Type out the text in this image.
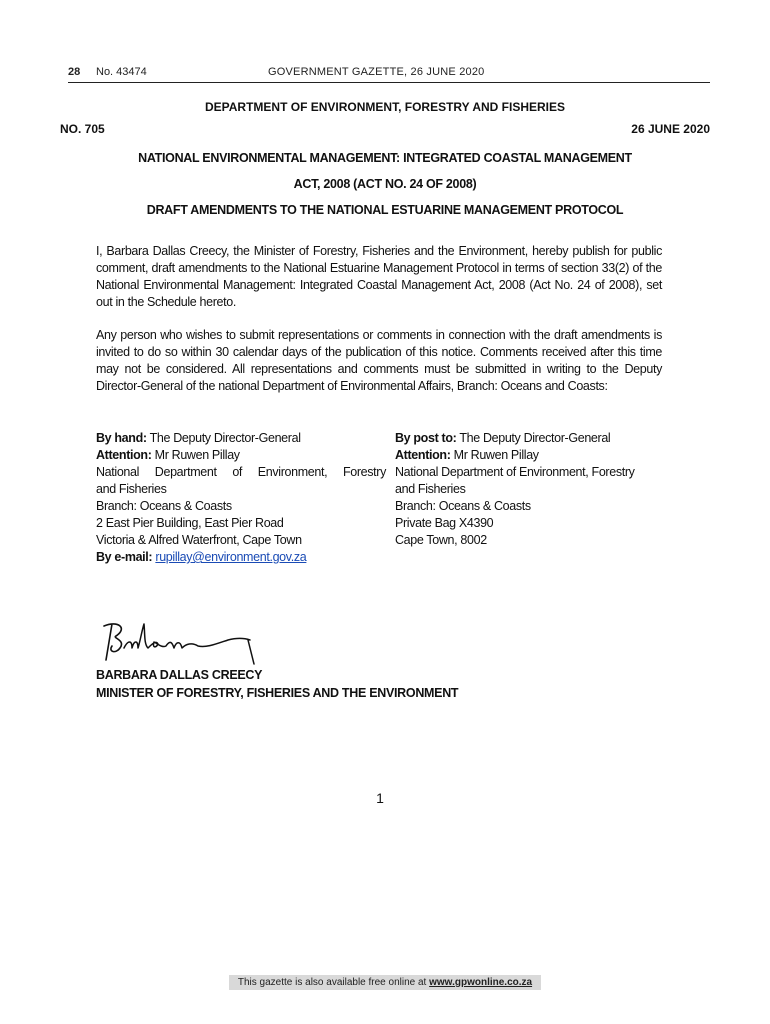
28 No. 43474	GOVERNMENT GAZETTE, 26 JUNE 2020
DEPARTMENT OF ENVIRONMENT, FORESTRY AND FISHERIES
NO. 705	26 JUNE 2020
NATIONAL ENVIRONMENTAL MANAGEMENT: INTEGRATED COASTAL MANAGEMENT
ACT, 2008 (ACT NO. 24 OF 2008)
DRAFT AMENDMENTS TO THE NATIONAL ESTUARINE MANAGEMENT PROTOCOL
I, Barbara Dallas Creecy, the Minister of Forestry, Fisheries and the Environment, hereby publish for public comment, draft amendments to the National Estuarine Management Protocol in terms of section 33(2) of the National Environmental Management: Integrated Coastal Management Act, 2008 (Act No. 24 of 2008), set out in the Schedule hereto.
Any person who wishes to submit representations or comments in connection with the draft amendments is invited to do so within 30 calendar days of the publication of this notice. Comments received after this time may not be considered. All representations and comments must be submitted in writing to the Deputy Director-General of the national Department of Environmental Affairs, Branch: Oceans and Coasts:
By hand: The Deputy Director-General
Attention: Mr Ruwen Pillay
National Department of Environment, Forestry
and Fisheries
Branch: Oceans & Coasts
2 East Pier Building, East Pier Road
Victoria & Alfred Waterfront, Cape Town
By e-mail: rupillay@environment.gov.za
By post to: The Deputy Director-General
Attention: Mr Ruwen Pillay
National Department of Environment, Forestry
and Fisheries
Branch: Oceans & Coasts
Private Bag X4390
Cape Town, 8002
BARBARA DALLAS CREECY
MINISTER OF FORESTRY, FISHERIES AND THE ENVIRONMENT
1
This gazette is also available free online at www.gpwonline.co.za
